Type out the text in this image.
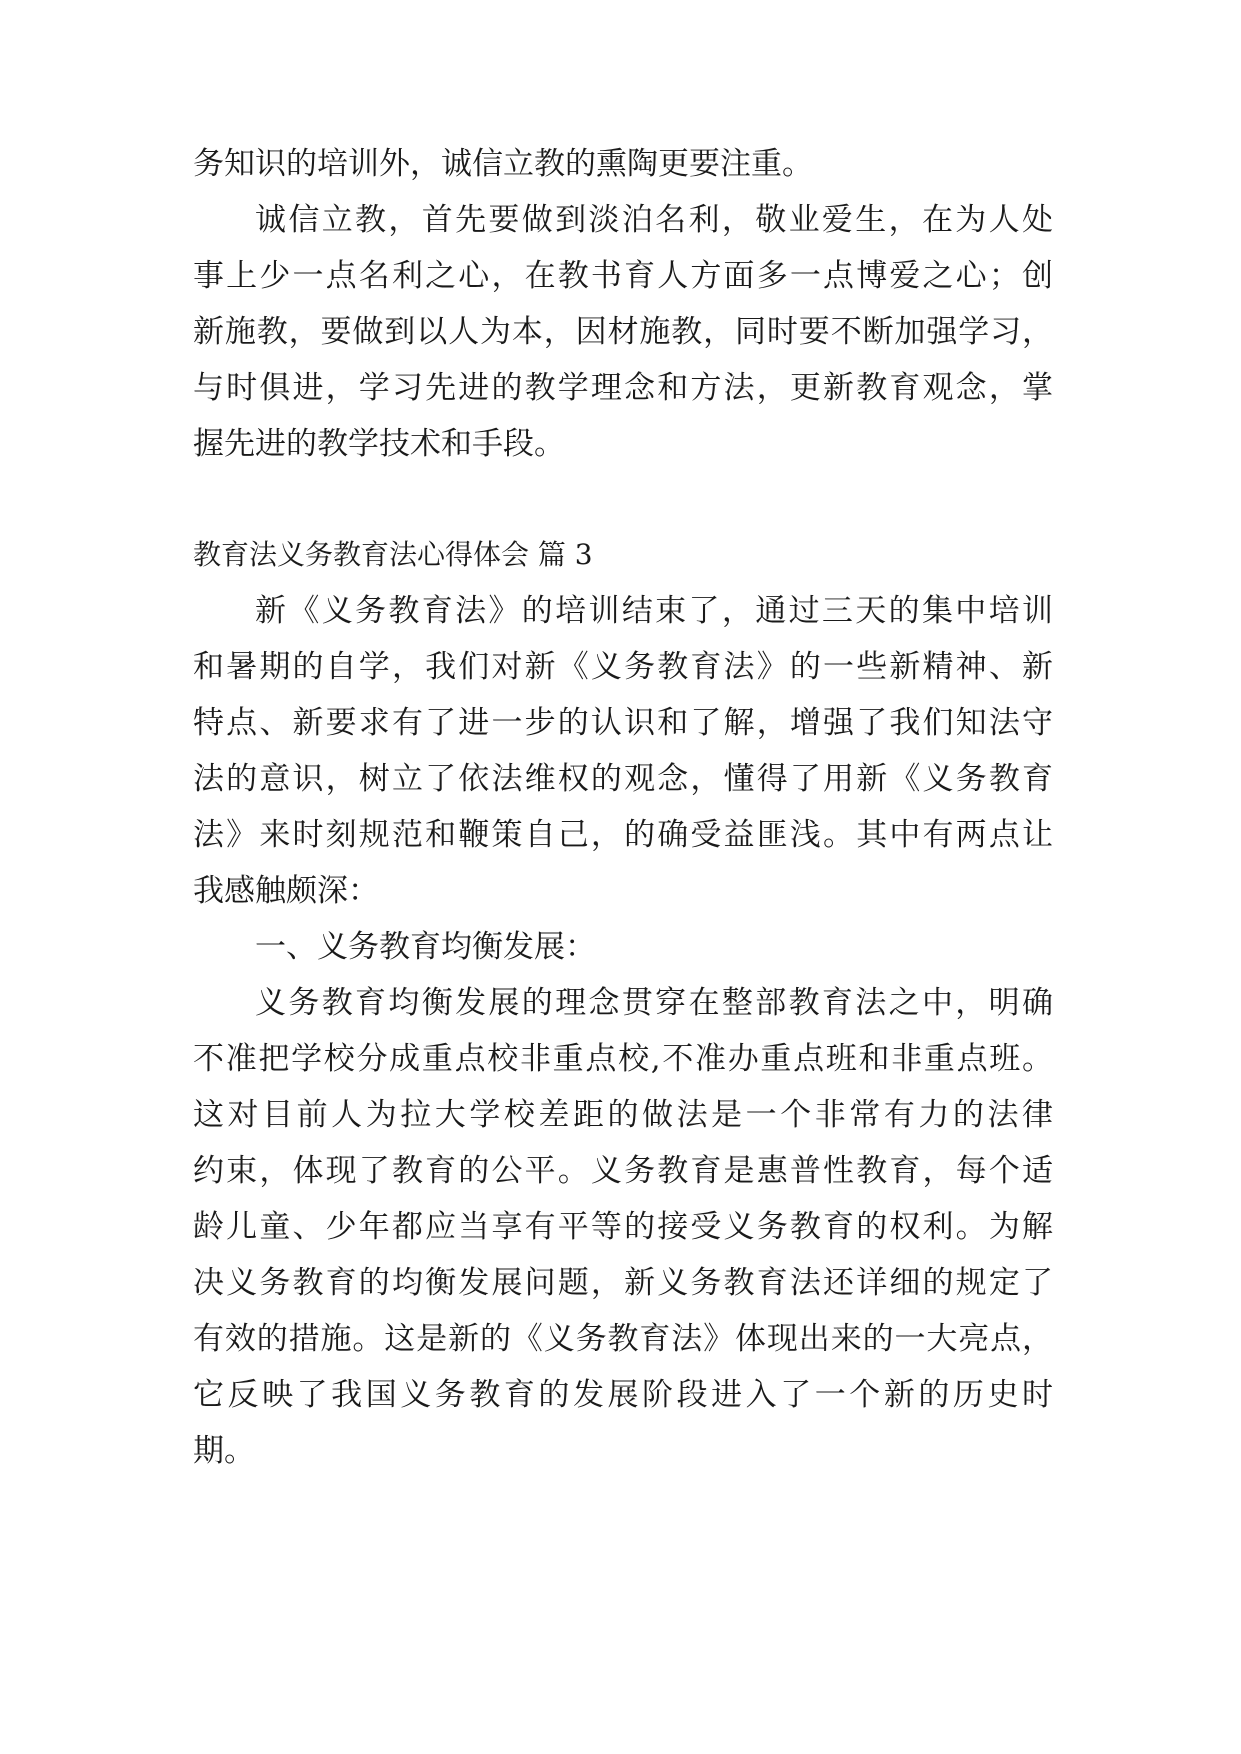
务知识的培训外，诚信立教的熏陶更要注重。

诚信立教，首先要做到淡泊名利，敬业爱生，在为人处

事上少一点名利之心，在教书育人方面多一点博爱之心；创

新施教，要做到以人为本，因材施教，同时要不断加强学习，

与时俱进，学习先进的教学理念和方法，更新教育观念，掌

握先进的教学技术和手段。

教育法义务教育法心得体会 篇 3

新《义务教育法》的培训结束了，通过三天的集中培训

和暑期的自学，我们对新《义务教育法》的一些新精神、新

特点、新要求有了进一步的认识和了解，增强了我们知法守

法的意识，树立了依法维权的观念，懂得了用新《义务教育

法》来时刻规范和鞭策自己，的确受益匪浅。其中有两点让

我感触颇深：

一、义务教育均衡发展：

义务教育均衡发展的理念贯穿在整部教育法之中，明确

不准把学校分成重点校非重点校,不准办重点班和非重点班。

这对目前人为拉大学校差距的做法是一个非常有力的法律

约束，体现了教育的公平。义务教育是惠普性教育，每个适

龄儿童、少年都应当享有平等的接受义务教育的权利。为解

决义务教育的均衡发展问题，新义务教育法还详细的规定了

有效的措施。这是新的《义务教育法》体现出来的一大亮点，

它反映了我国义务教育的发展阶段进入了一个新的历史时

期。
